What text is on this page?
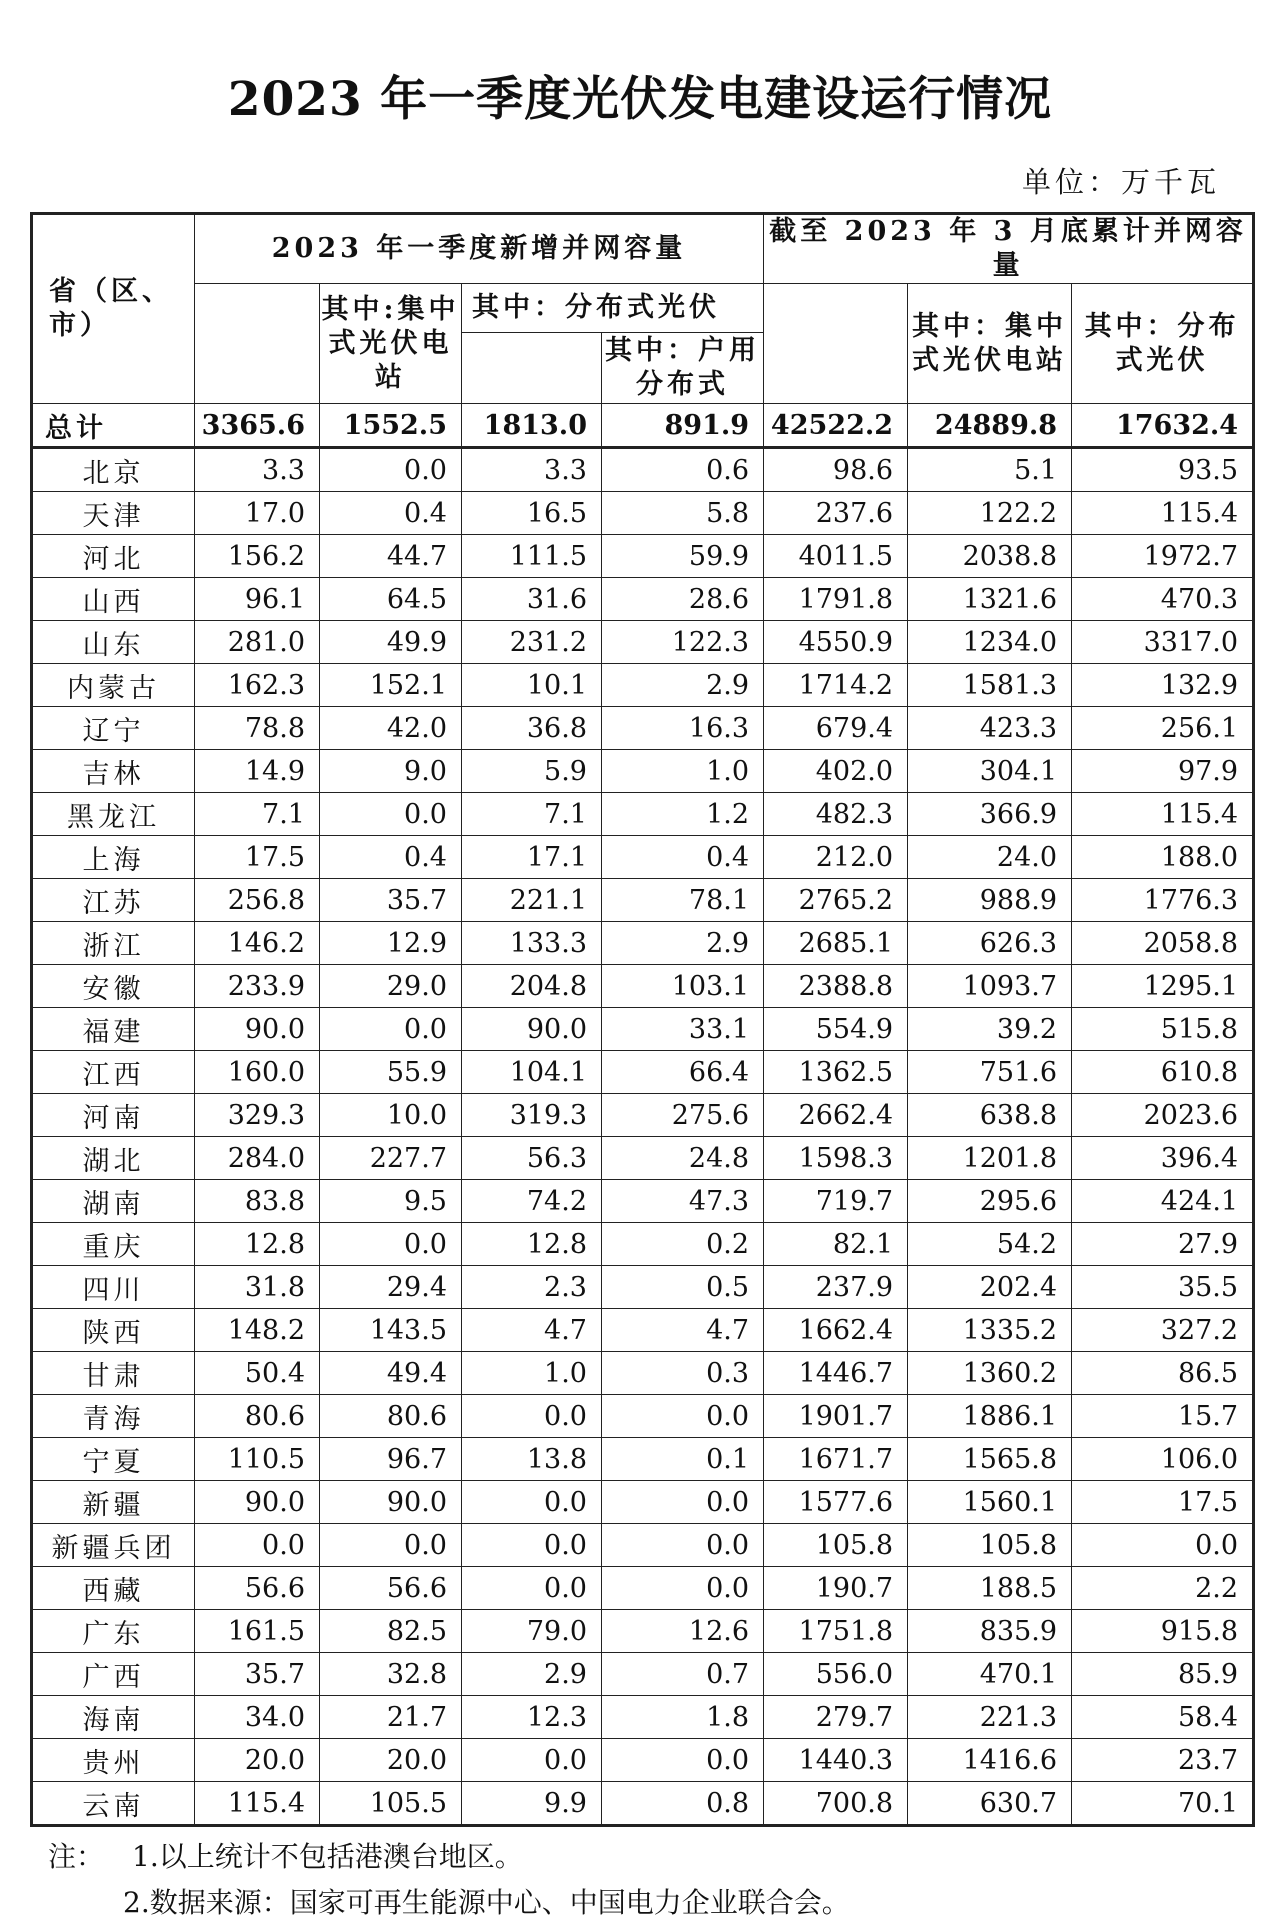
2023 年一季度光伏发电建设运行情况
单位：万千瓦
省（区、市）	2023 年一季度新增并网容量				截至 2023 年 3 月底累计并网容量		
		其中:集中式光伏电站	其中：分布式光伏			其中：集中式光伏电站	其中：分布式光伏
				其中：户用分布式			
总计	3365.6	1552.5	1813.0	891.9	42522.2	24889.8	17632.4
北京	3.3	0.0	3.3	0.6	98.6	5.1	93.5
天津	17.0	0.4	16.5	5.8	237.6	122.2	115.4
河北	156.2	44.7	111.5	59.9	4011.5	2038.8	1972.7
山西	96.1	64.5	31.6	28.6	1791.8	1321.6	470.3
山东	281.0	49.9	231.2	122.3	4550.9	1234.0	3317.0
内蒙古	162.3	152.1	10.1	2.9	1714.2	1581.3	132.9
辽宁	78.8	42.0	36.8	16.3	679.4	423.3	256.1
吉林	14.9	9.0	5.9	1.0	402.0	304.1	97.9
黑龙江	7.1	0.0	7.1	1.2	482.3	366.9	115.4
上海	17.5	0.4	17.1	0.4	212.0	24.0	188.0
江苏	256.8	35.7	221.1	78.1	2765.2	988.9	1776.3
浙江	146.2	12.9	133.3	2.9	2685.1	626.3	2058.8
安徽	233.9	29.0	204.8	103.1	2388.8	1093.7	1295.1
福建	90.0	0.0	90.0	33.1	554.9	39.2	515.8
江西	160.0	55.9	104.1	66.4	1362.5	751.6	610.8
河南	329.3	10.0	319.3	275.6	2662.4	638.8	2023.6
湖北	284.0	227.7	56.3	24.8	1598.3	1201.8	396.4
湖南	83.8	9.5	74.2	47.3	719.7	295.6	424.1
重庆	12.8	0.0	12.8	0.2	82.1	54.2	27.9
四川	31.8	29.4	2.3	0.5	237.9	202.4	35.5
陕西	148.2	143.5	4.7	4.7	1662.4	1335.2	327.2
甘肃	50.4	49.4	1.0	0.3	1446.7	1360.2	86.5
青海	80.6	80.6	0.0	0.0	1901.7	1886.1	15.7
宁夏	110.5	96.7	13.8	0.1	1671.7	1565.8	106.0
新疆	90.0	90.0	0.0	0.0	1577.6	1560.1	17.5
新疆兵团	0.0	0.0	0.0	0.0	105.8	105.8	0.0
西藏	56.6	56.6	0.0	0.0	190.7	188.5	2.2
广东	161.5	82.5	79.0	12.6	1751.8	835.9	915.8
广西	35.7	32.8	2.9	0.7	556.0	470.1	85.9
海南	34.0	21.7	12.3	1.8	279.7	221.3	58.4
贵州	20.0	20.0	0.0	0.0	1440.3	1416.6	23.7
云南	115.4	105.5	9.9	0.8	700.8	630.7	70.1
注： 1.以上统计不包括港澳台地区。
2.数据来源：国家可再生能源中心、中国电力企业联合会。
